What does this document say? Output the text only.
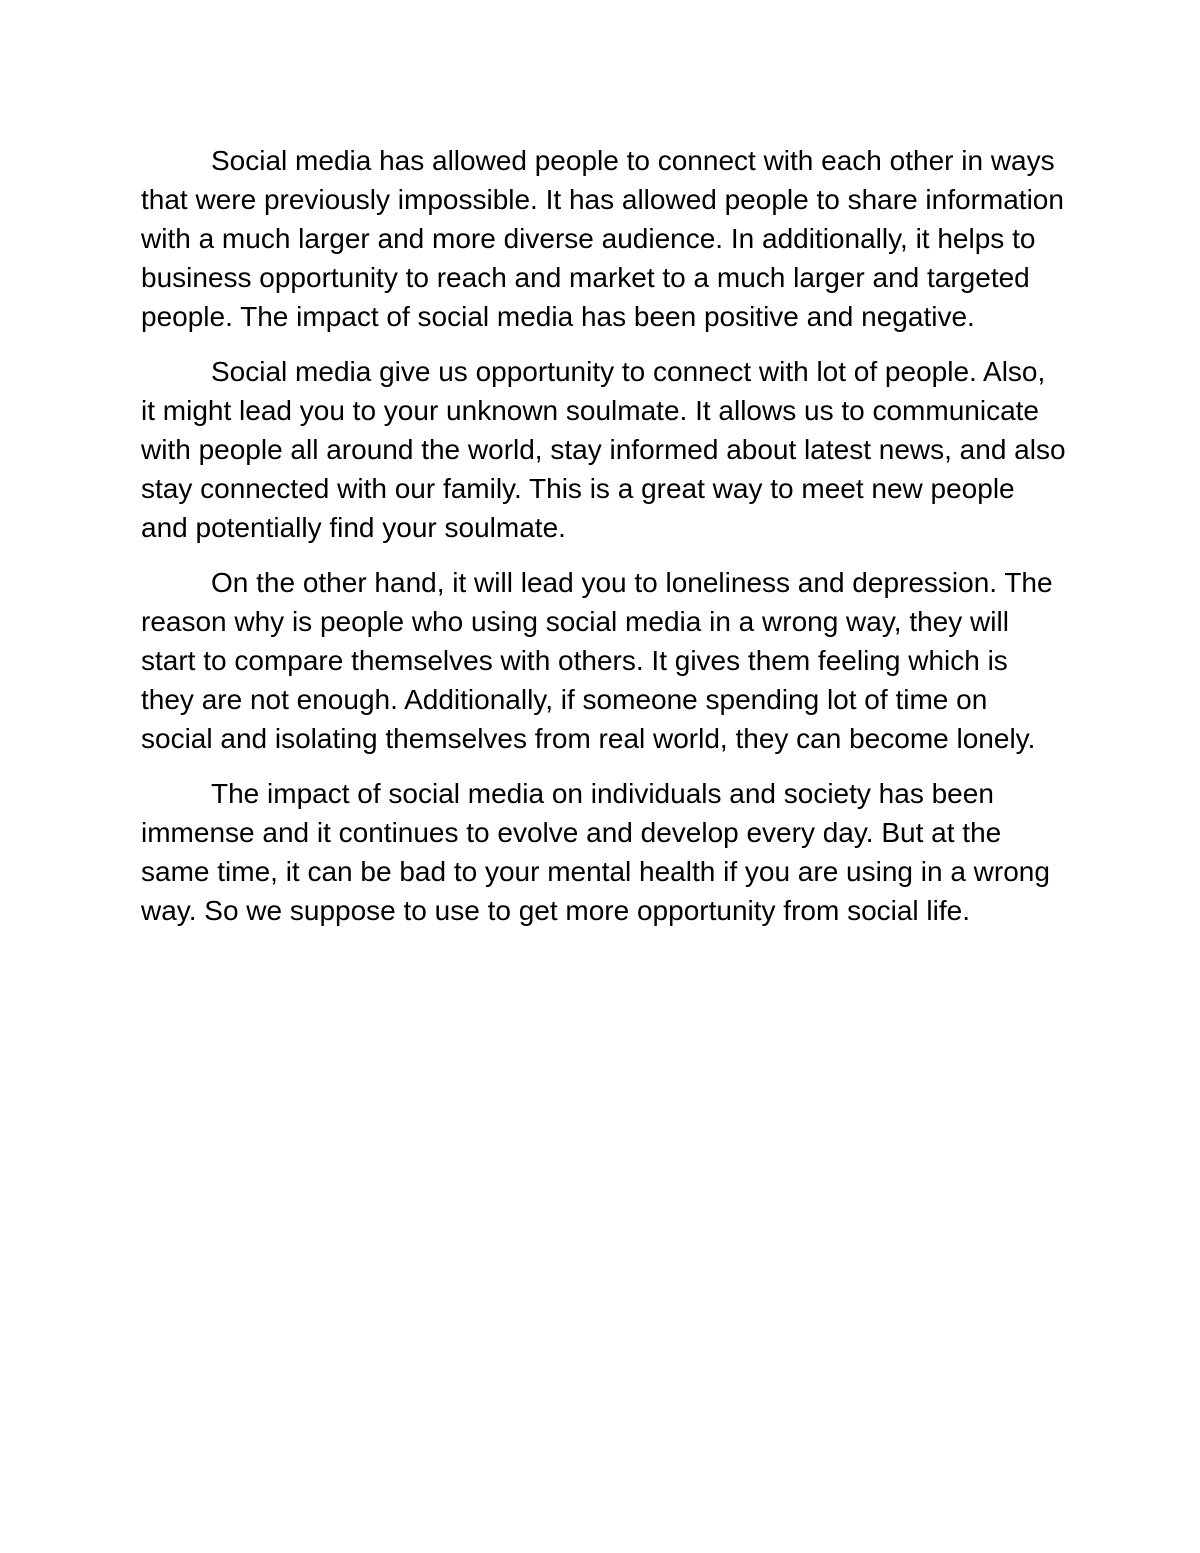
Social media has allowed people to connect with each other in ways that were previously impossible. It has allowed people to share information with a much larger and more diverse audience. In additionally, it helps to business opportunity to reach and market to a much larger and targeted people. The impact of social media has been positive and negative.

Social media give us opportunity to connect with lot of people. Also, it might lead you to your unknown soulmate. It allows us to communicate with people all around the world, stay informed about latest news, and also stay connected with our family. This is a great way to meet new people and potentially find your soulmate.

On the other hand, it will lead you to loneliness and depression. The reason why is people who using social media in a wrong way, they will start to compare themselves with others. It gives them feeling which is they are not enough. Additionally, if someone spending lot of time on social and isolating themselves from real world, they can become lonely.

The impact of social media on individuals and society has been immense and it continues to evolve and develop every day. But at the same time, it can be bad to your mental health if you are using in a wrong way. So we suppose to use to get more opportunity from social life.
